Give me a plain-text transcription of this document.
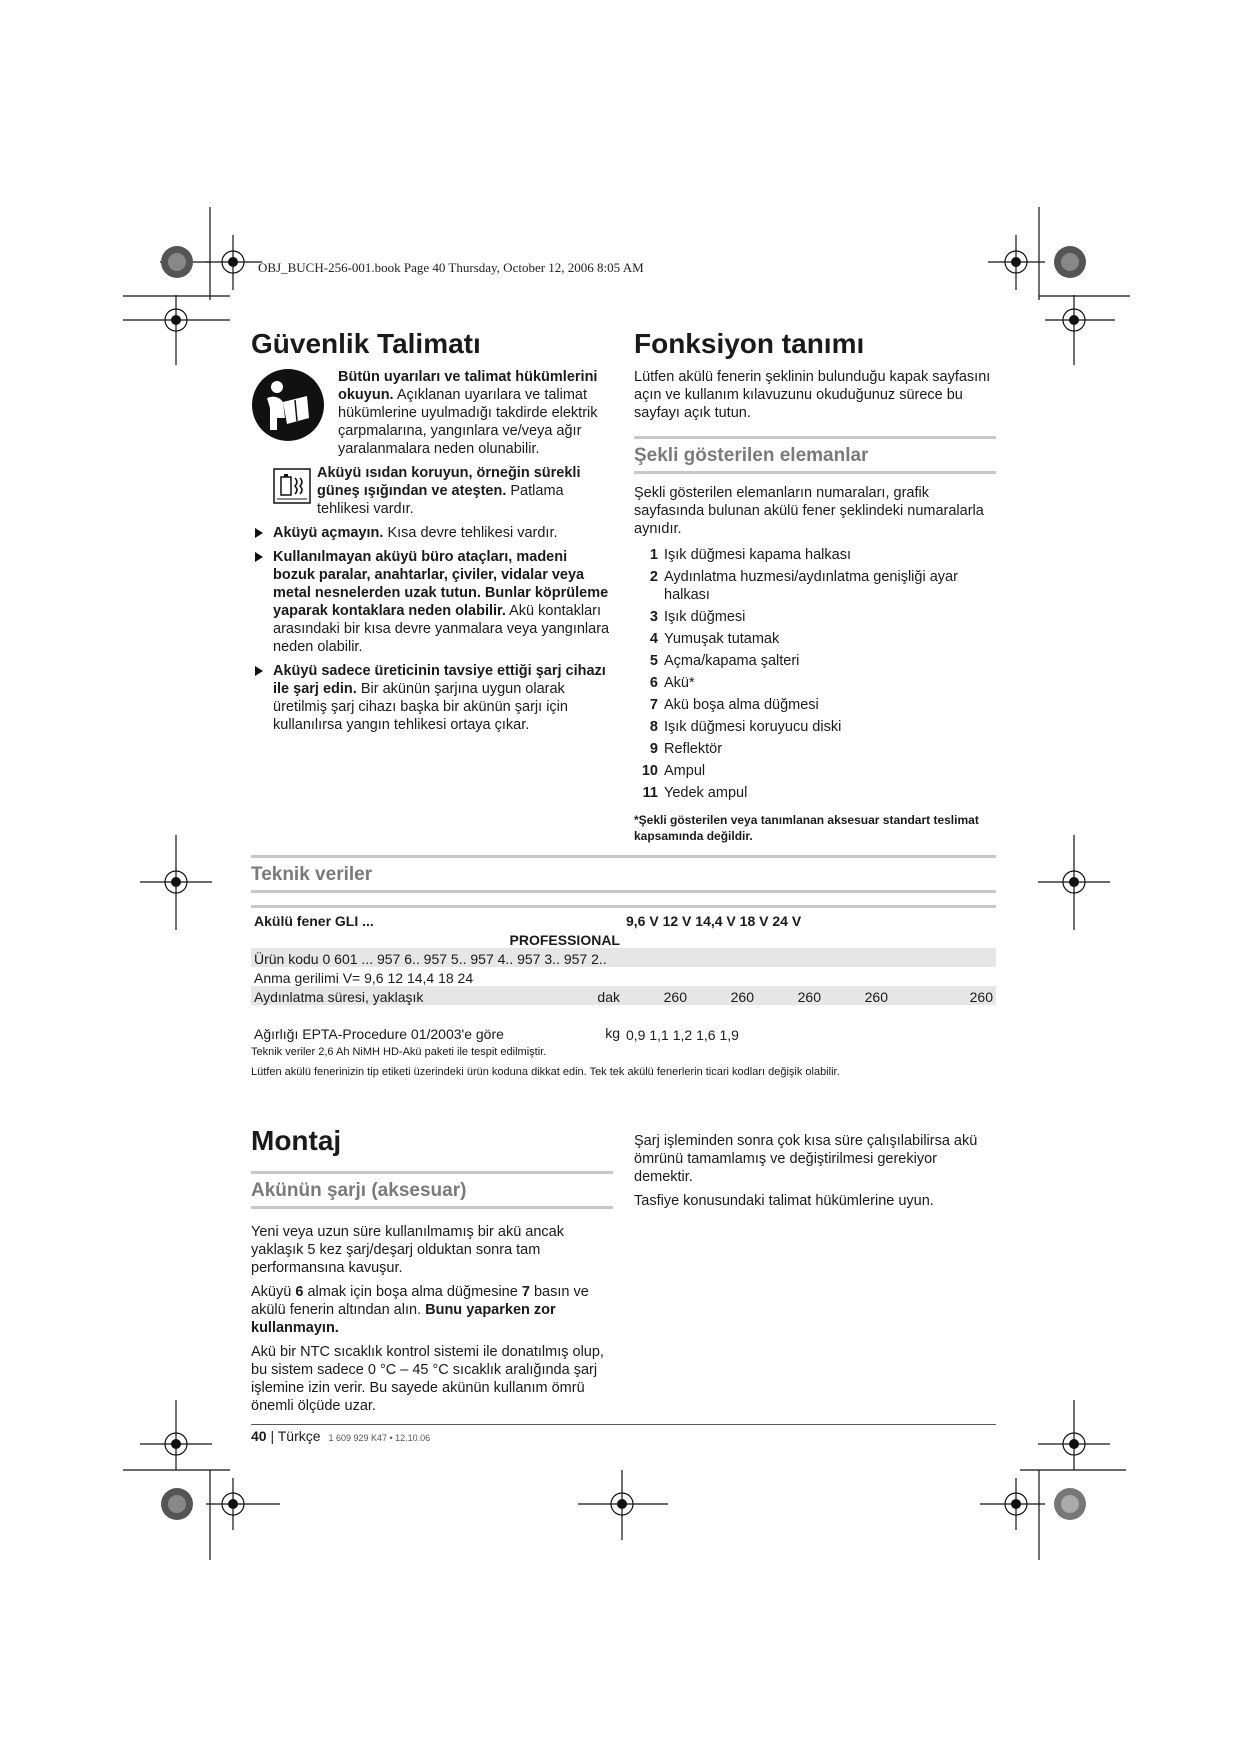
OBJ_BUCH-256-001.book Page 40 Thursday, October 12, 2006 8:05 AM
Güvenlik Talimatı

Bütün uyarıları ve talimat hükümlerini okuyun. Açıklanan uyarılara ve talimat hükümlerine uyulmadığı takdirde elektrik çarpmalarına, yangınlara ve/veya ağır yaralanmalara neden olunabilir.

Aküyü ısıdan koruyun, örneğin sürekli güneş ışığından ve ateşten. Patlama tehlikesi vardır.

Aküyü açmayın. Kısa devre tehlikesi vardır.
Kullanılmayan aküyü büro ataçları, madeni bozuk paralar, anahtarlar, çiviler, vidalar veya metal nesnelerden uzak tutun. Bunlar köprüleme yaparak kontaklara neden olabilir. Akü kontakları arasındaki bir kısa devre yanmalara veya yangınlara neden olabilir.
Aküyü sadece üreticinin tavsiye ettiği şarj cihazı ile şarj edin. Bir akünün şarjına uygun olarak üretilmiş şarj cihazı başka bir akünün şarjı için kullanılırsa yangın tehlikesi ortaya çıkar.
Fonksiyon tanımı

Lütfen akülü fenerin şeklinin bulunduğu kapak sayfasını açın ve kullanım kılavuzunu okuduğunuz sürece bu sayfayı açık tutun.

Şekli gösterilen elemanlar

Şekli gösterilen elemanların numaraları, grafik sayfasında bulunan akülü fener şeklindeki numaralarla aynıdır.

1 Işık düğmesi kapama halkası
2 Aydınlatma huzmesi/aydınlatma genişliği ayar halkası
3 Işık düğmesi
4 Yumuşak tutamak
5 Açma/kapama şalteri
6 Akü*
7 Akü boşa alma düğmesi
8 Işık düğmesi koruyucu diski
9 Reflektör
10 Ampul
11 Yedek ampul

*Şekli gösterilen veya tanımlanan aksesuar standart teslimat kapsamında değildir.

Teknik veriler
Akülü fener GLI ...	9,6 V 12 V 14,4 V 18 V 24 V				
PROFESSIONAL					
Ürün kodu 0 601 ... 957 6.. 957 5.. 957 4.. 957 3.. 957 2..					
Anma gerilimi V= 9,6 12 14,4 18 24					
Aydınlatma süresi, yaklaşık dak	260	260	260	260	260
Ağırlığı EPTA-Procedure 01/2003'e göre kg	0,9 1,1 1,2 1,6 1,9				
Teknik veriler 2,6 Ah NiMH HD-Akü paketi ile tespit edilmiştir.
Lütfen akülü fenerinizin tip etiketi üzerindeki ürün koduna dikkat edin. Tek tek akülü fenerlerin ticari kodları değişik olabilir.
Montaj
Akünün şarjı (aksesuar)

Yeni veya uzun süre kullanılmamış bir akü ancak yaklaşık 5 kez şarj/deşarj olduktan sonra tam performansına kavuşur.

Aküyü 6 almak için boşa alma düğmesine 7 basın ve akülü fenerin altından alın. Bunu yaparken zor kullanmayın.

Akü bir NTC sıcaklık kontrol sistemi ile donatılmış olup, bu sistem sadece 0 °C – 45 °C sıcaklık aralığında şarj işlemine izin verir. Bu sayede akünün kullanım ömrü önemli ölçüde uzar.

Şarj işleminden sonra çok kısa süre çalışılabilirsa akü ömrünü tamamlamış ve değiştirilmesi gerekiyor demektir.

Tasfiye konusundaki talimat hükümlerine uyun.

40 | Türkçe 1 609 929 K47 • 12.10.06
